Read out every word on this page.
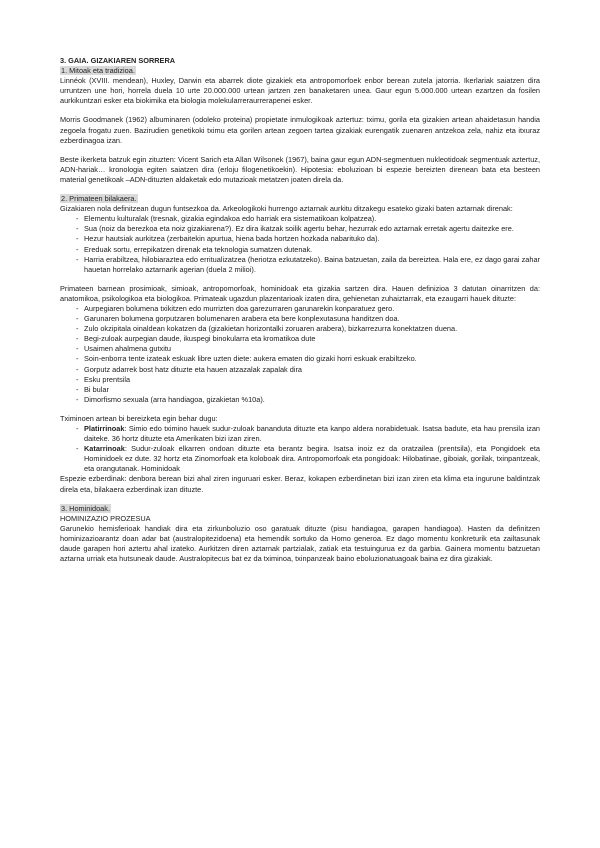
3. GAIA. GIZAKIAREN SORRERA

1. Mitoak eta tradizioa.

Linnéok (XVIII. mendean), Huxley, Darwin eta abarrek diote gizakiek eta antropomorfoek enbor berean zutela jatorria. Ikerlariak saiatzen dira urruntzen une hori, horrela duela 10 urte 20.000.000 urtean jartzen zen banaketaren unea. Gaur egun 5.000.000 urtean ezartzen da fosilen aurkikuntzari esker eta biokimika eta biologia molekularreraurrerapenei esker.

Morris Goodmanek (1962) albuminaren (odoleko proteina) propietate inmulogikoak aztertuz: tximu, gorila eta gizakien artean ahaidetasun handia zegoela frogatu zuen. Bazirudien genetikoki tximu eta gorilen artean zegoen tartea gizakiak eurengatik zuenaren antzekoa zela, nahiz eta itxuraz ezberdinagoa izan.

Beste ikerketa batzuk egin zituzten: Vicent Sarich eta Allan Wilsonek (1967), baina gaur egun ADN-segmentuen nukleotidoak segmentuak aztertuz, ADN-hariak… kronologia egiten saiatzen dira (erloju filogenetikoekin). Hipotesia: eboluzioan bi espezie bereizten direnean bata eta besteen material genetikoak –ADN-dituzten aldaketak edo mutazioak metatzen joaten direla da.

2. Primateen bilakaera.

Gizakiaren nola definitzean dugun funtsezkoa da. Arkeologikoki hurrengo aztarnak aurkitu ditzakegu esateko gizaki baten aztarnak direnak:

- Elementu kulturalak (tresnak, gizakia egindakoa edo harriak era sistematikoan kolpatzea).
- Sua (noiz da berezkoa eta noiz gizakiarena?). Ez dira ikatzak soilik agertu behar, hezurrak edo aztarnak erretak agertu daitezke ere.
- Hezur hautsiak aurkitzea (zerbaitekin apurtua, hiena bada hortzen hozkada nabarituko da).
- Ereduak sortu, errepikatzen direnak eta teknologia sumatzen dutenak.
- Harria erabiltzea, hilobiaraztea edo erritualizatzea (heriotza ezkutatzeko). Baina batzuetan, zaila da bereiztea. Hala ere, ez dago garai zahar hauetan horrelako aztarnarik agerian (duela 2 milioi).

Primateen barnean prosimioak, simioak, antropomorfoak, hominidoak eta gizakia sartzen dira. Hauen definizioa 3 datutan oinarritzen da: anatomikoa, psikologikoa eta biologikoa. Primateak ugazdun plazentarioak izaten dira, gehienetan zuhaiztarrak, eta ezaugarri hauek dituzte:

- Aurpegiaren bolumena txikitzen edo murrizten doa garezurraren garunarekin konparatuez gero.
- Garunaren bolumena gorputzaren bolumenaren arabera eta bere konplexutasuna handitzen doa.
- Zulo okzipitala oinaldean kokatzen da (gizakietan horizontalki zoruaren arabera), bizkarrezurra konektatzen duena.
- Begi-zuloak aurpegian daude, ikuspegi binokularra eta kromatikoa dute
- Usaimen ahalmena gutxitu
- Soin-enborra tente izateak eskuak libre uzten diete: aukera ematen dio gizaki horri eskuak erabiltzeko.
- Gorputz adarrek bost hatz dituzte eta hauen atzazalak zapalak dira
- Esku prentsila
- Bi bular
- Dimorfismo sexuala (arra handiagoa, gizakietan %10a).

Tximinoen artean bi bereizketa egin behar dugu:

- Platirrinoak: Simio edo tximino hauek sudur-zuloak bananduta dituzte eta kanpo aldera norabidetuak. Isatsa badute, eta hau prensila izan daiteke. 36 hortz dituzte eta Amerikaten bizi izan ziren.
- Katarrinoak: Sudur-zuloak elkarren ondoan dituzte eta berantz begira. Isatsa inoiz ez da oratzailea (prentsila), eta Pongidoek eta Hominidoek ez dute. 32 hortz eta Zinomorfoak eta koloboak dira. Antropomorfoak eta pongidoak: Hilobatinae, giboiak, gorilak, txinpantzeak, eta orangutanak. Hominidoak

Espezie ezberdinak: denbora berean bizi ahal ziren inguruari esker. Beraz, kokapen ezberdinetan bizi izan ziren eta klima eta ingurune baldintzak direla eta, bilakaera ezberdinak izan dituzte.

3. Hominidoak.

HOMINIZAZIO PROZESUA

Garunekio hemisferioak handiak dira eta zirkunboluzio oso garatuak dituzte (pisu handiagoa, garapen handiagoa). Hasten da definitzen hominizazioarantz doan adar bat (australopitezidoena) eta hemendik sortuko da Homo generoa. Ez dago momentu konkreturik eta zailtasunak daude garapen hori aztertu ahal izateko. Aurkitzen diren aztarnak partzialak, zatiak eta testuingurua ez da garbia. Gainera momentu batzuetan aztarna urriak eta hutsuneak daude. Australopitecus bat ez da tximinoa, txinpanzeak baino eboluzionatuagoak baina ez dira gizakiak.
